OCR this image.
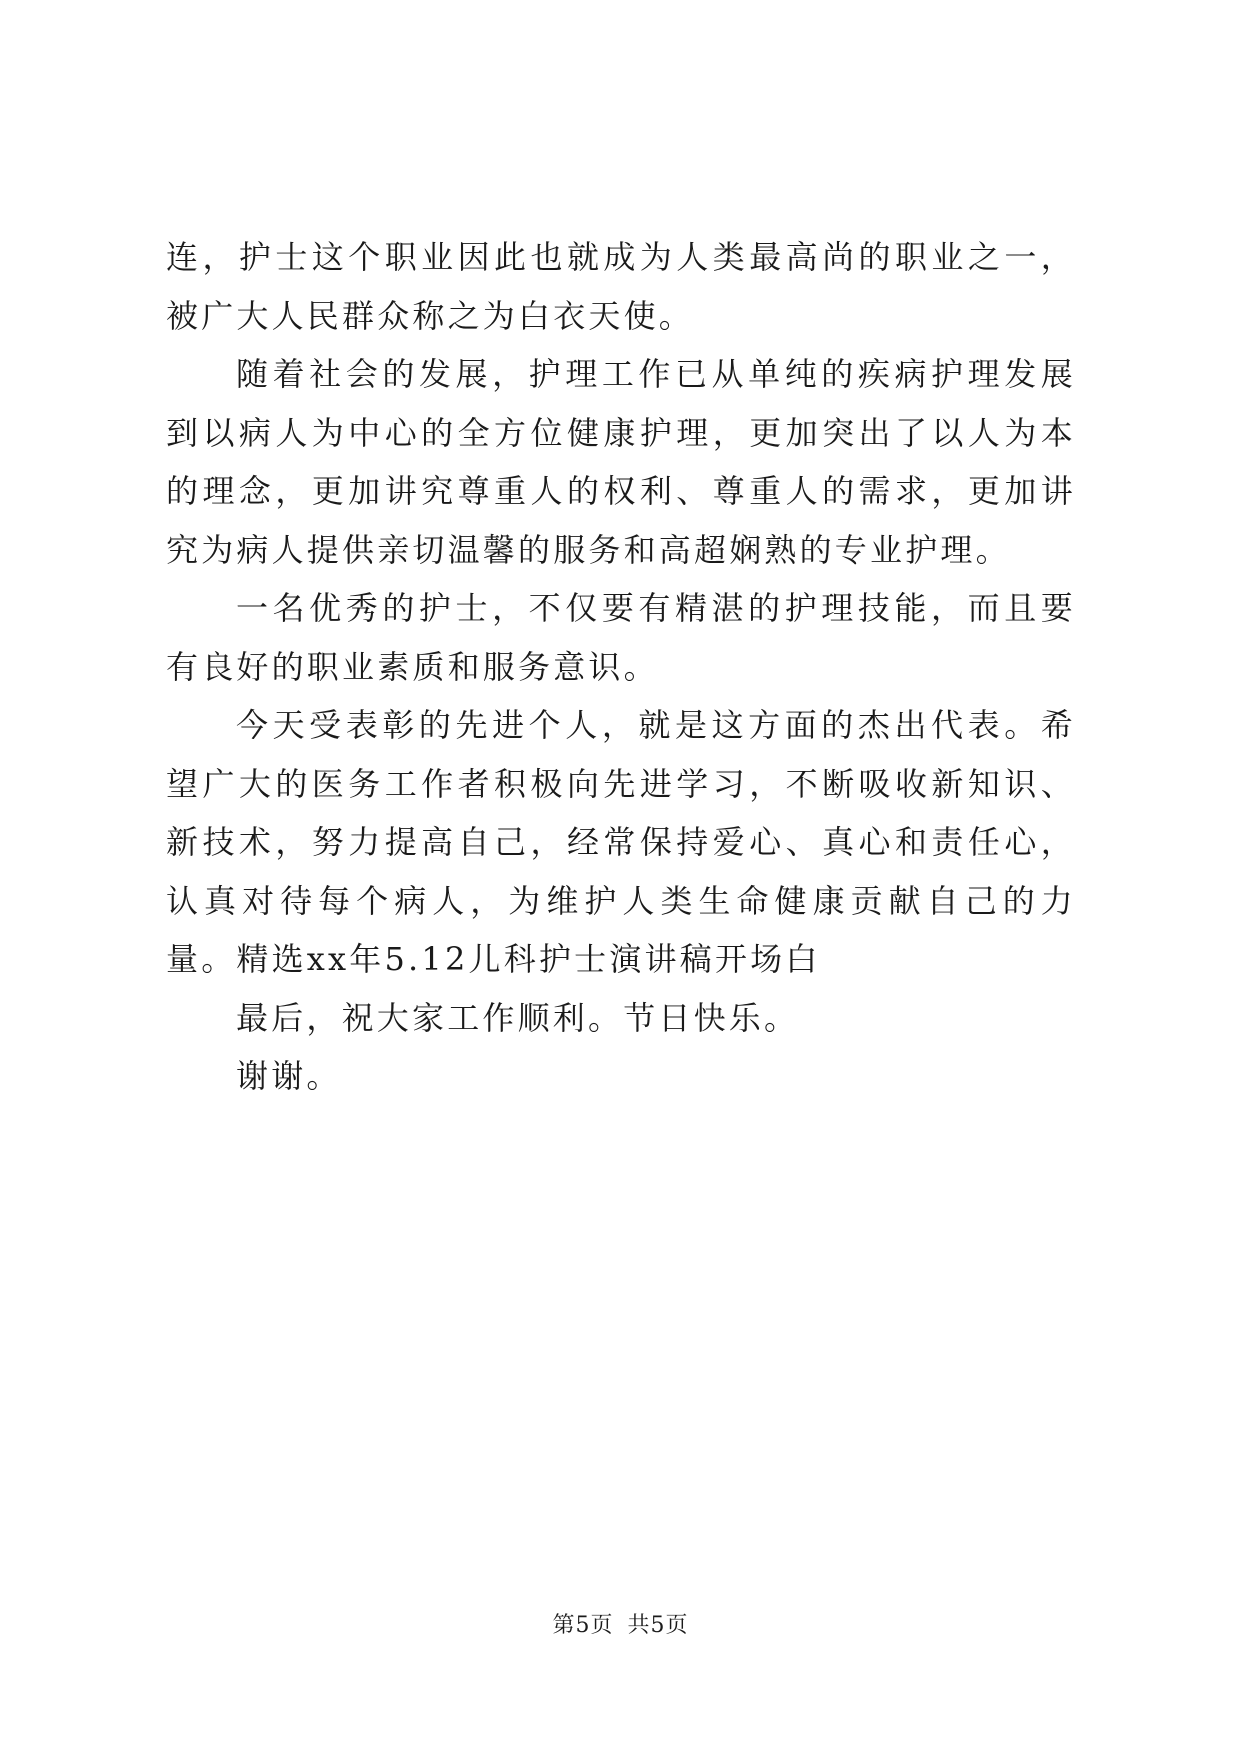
连，护士这个职业因此也就成为人类最高尚的职业之一，被广大人民群众称之为白衣天使。

随着社会的发展，护理工作已从单纯的疾病护理发展到以病人为中心的全方位健康护理，更加突出了以人为本的理念，更加讲究尊重人的权利、尊重人的需求，更加讲究为病人提供亲切温馨的服务和高超娴熟的专业护理。

一名优秀的护士，不仅要有精湛的护理技能，而且要有良好的职业素质和服务意识。

今天受表彰的先进个人，就是这方面的杰出代表。希望广大的医务工作者积极向先进学习，不断吸收新知识、新技术，努力提高自己，经常保持爱心、真心和责任心，认真对待每个病人，为维护人类生命健康贡献自己的力量。精选xx年5.12儿科护士演讲稿开场白

最后，祝大家工作顺利。节日快乐。

谢谢。

第5页 共5页
